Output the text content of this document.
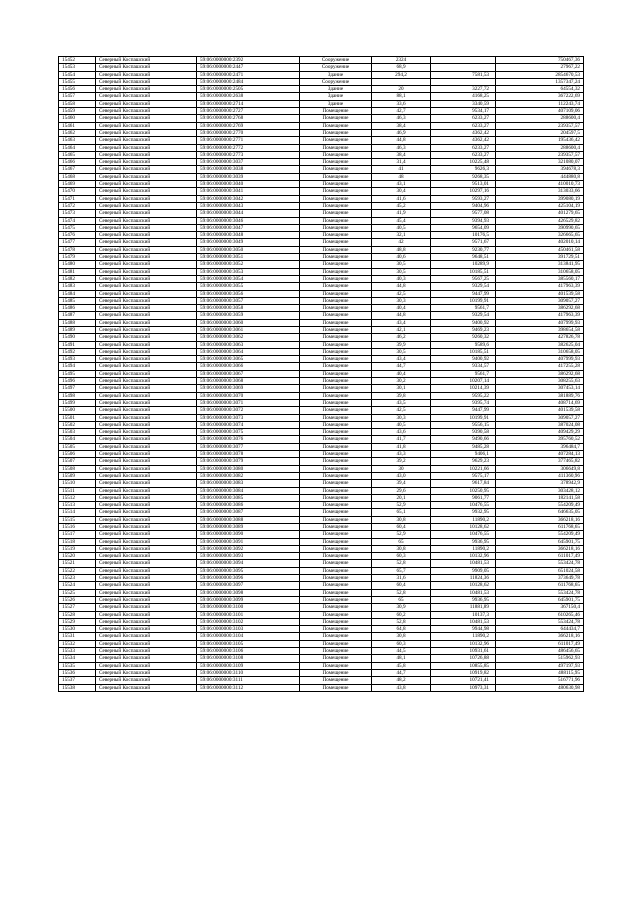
15452	Северный Коспашский	59:06:0000000:2392	Сооружение	2324		750467,36
15453	Северный Коспашский	59:06:0000000:2447	Сооружение	68,9		27967,22
15454	Северный Коспашский	59:06:0000000:2471	Здание	294,2	7581,53	2854670,53
15455	Северный Коспашский	59:06:0000000:2484	Сооружение			1357347,24
15456	Северный Коспашский	59:06:0000000:2505	Здание	20	3227,72	64554,32
15457	Северный Коспашский	59:06:0000000:2638	Здание	88,1	4168,25	367222,69
15458	Северный Коспашский	59:06:0000000:2714	Здание	33,6	3340,59	112243,74
15459	Северный Коспашский	59:06:0000000:2727	Помещение	42,7	9534,17	407109,06
15460	Северный Коспашский	59:06:0000000:2768	Помещение	46,3	6233,27	288600,4
15461	Северный Коспашский	59:06:0000000:2769	Помещение	38,4	6233,27	239357,57
15462	Северный Коспашский	59:06:0000000:2770	Помещение	46,9	4362,42	204597,5
15463	Северный Коспашский	59:06:0000000:2771	Помещение	44,8	4362,42	195436,42
15464	Северный Коспашский	59:06:0000000:2772	Помещение	46,3	6233,27	288600,4
15465	Северный Коспашский	59:06:0000000:2773	Помещение	38,4	6233,27	239357,57
15466	Северный Коспашский	59:06:0000000:3037	Помещение	31,4	10225,48	321080,07
15467	Северный Коспашский	59:06:0000000:3038	Помещение	41	9626,3	394678,3
15468	Северный Коспашский	59:06:0000000:3039	Помещение	48	9268,35	444880,8
15469	Северный Коспашский	59:06:0000000:3040	Помещение	43,1	9513,01	410010,73
15470	Северный Коспашский	59:06:0000000:3041	Помещение	30,4	10297,16	313033,66
15471	Северный Коспашский	59:06:0000000:3042	Помещение	41,6	9593,27	399080,19
15472	Северный Коспашский	59:06:0000000:3043	Помещение	45,2	9404,96	425104,19
15473	Северный Коспашский	59:06:0000000:3044	Помещение	41,9	9577,08	401279,65
15474	Северный Коспашский	59:06:0000000:3046	Помещение	45,4	9394,93	426529,82
15475	Северный Коспашский	59:06:0000000:3047	Помещение	40,5	9654,09	390990,65
15476	Северный Коспашский	59:06:0000000:3048	Помещение	32,1	10176,5	326665,65
15477	Северный Коспашский	59:06:0000000:3049	Помещение	42	9571,67	402010,14
15478	Северный Коспашский	59:06:0000000:3050	Помещение	48,8	9230,77	450461,58
15479	Северный Коспашский	59:06:0000000:3051	Помещение	40,6	9648,51	391729,51
15480	Северный Коспашский	59:06:0000000:3052	Помещение	30,5	10289,9	313841,95
15481	Северный Коспашский	59:06:0000000:3053	Помещение	30,5	10185,51	310658,05
15482	Северный Коспашский	59:06:0000000:3054	Помещение	40,3	9567,25	385560,17
15483	Северный Коспашский	59:06:0000000:3055	Помещение	44,8	9329,54	417963,39
15484	Северный Коспашский	59:06:0000000:3056	Помещение	42,5	9447,99	401539,58
15485	Северный Коспашский	59:06:0000000:3057	Помещение	30,3	10199,91	309057,27
15486	Северный Коспашский	59:06:0000000:3058	Помещение	40,4	9561,7	386292,68
15487	Северный Коспашский	59:06:0000000:3059	Помещение	44,8	9329,54	417963,39
15488	Северный Коспашский	59:06:0000000:3060	Помещение	43,4	9400,92	407999,93
15489	Северный Коспашский	59:06:0000000:3061	Помещение	42,1	9469,23	398654,58
15490	Северный Коспашский	59:06:0000000:3062	Помещение	46,2	9260,32	427826,78
15491	Северный Коспашский	59:06:0000000:3063	Помещение	39,9	9589,6	382625,04
15492	Северный Коспашский	59:06:0000000:3064	Помещение	30,5	10185,51	310658,05
15493	Северный Коспашский	59:06:0000000:3065	Помещение	43,4	9400,92	407999,93
15494	Северный Коспашский	59:06:0000000:3066	Помещение	44,7	9334,57	417255,28
15495	Северный Коспашский	59:06:0000000:3067	Помещение	40,4	9561,7	386292,68
15496	Северный Коспашский	59:06:0000000:3068	Помещение	30,2	10207,14	308255,63
15497	Северный Коспашский	59:06:0000000:3069	Помещение	30,1	10214,39	307453,14
15498	Северный Коспашский	59:06:0000000:3070	Помещение	39,8	9595,22	381889,76
15499	Северный Коспашский	59:06:0000000:3071	Помещение	43,5	9395,74	408714,69
15500	Северный Коспашский	59:06:0000000:3072	Помещение	42,5	9447,99	401539,58
15501	Северный Коспашский	59:06:0000000:3073	Помещение	30,3	10199,91	309057,27
15502	Северный Коспашский	59:06:0000000:3074	Помещение	40,5	9556,15	387024,08
15503	Северный Коспашский	59:06:0000000:3075	Помещение	43,6	9390,58	409429,29
15504	Северный Коспашский	59:06:0000000:3076	Помещение	41,7	9490,66	395760,52
15505	Северный Коспашский	59:06:0000000:3077	Помещение	41,8	9485,28	396484,7
15506	Северный Коспашский	59:06:0000000:3078	Помещение	43,3	9406,1	407284,13
15507	Северный Коспашский	59:06:0000000:3079	Помещение	39,2	9629,23	377465,82
15508	Северный Коспашский	59:06:0000000:3080	Помещение	30	10221,66	306649,8
15509	Северный Коспашский	59:06:0000000:3082	Помещение	43,0	9575,17	411360,96
15510	Северный Коспашский	59:06:0000000:3083	Помещение	39,4	9617,84	378942,9
15511	Северный Коспашский	59:06:0000000:3084	Помещение	29,6	10250,95	303428,12
15512	Северный Коспашский	59:06:0000000:3085	Помещение	20,1	9061,77	182141,58
15513	Северный Коспашский	59:06:0000000:3086	Помещение	52,9	10476,55	554209,49
15514	Северный Коспашский	59:06:0000000:3087	Помещение	65,1	9932,95	646635,05
15515	Северный Коспашский	59:06:0000000:3088	Помещение	30,8	11890,2	366218,16
15516	Северный Коспашский	59:06:0000000:3089	Помещение	60,4	10128,62	611768,65
15517	Северный Коспашский	59:06:0000000:3090	Помещение	52,9	10476,55	554209,49
15518	Северный Коспашский	59:06:0000000:3091	Помещение	65	9936,95	645901,75
15519	Северный Коспашский	59:06:0000000:3092	Помещение	30,8	11890,2	366218,16
15520	Северный Коспашский	59:06:0000000:3093	Помещение	60,3	10132,96	611017,49
15521	Северный Коспашский	59:06:0000000:3094	Помещение	52,8	10481,53	553424,78
15522	Северный Коспашский	59:06:0000000:3095	Помещение	65,7	9909,05	651024,58
15523	Северный Коспашский	59:06:0000000:3096	Помещение	31,6	11824,36	373649,78
15524	Северный Коспашский	59:06:0000000:3097	Помещение	60,4	10128,62	611768,65
15525	Северный Коспашский	59:06:0000000:3098	Помещение	52,8	10481,53	553424,78
15526	Северный Коспашский	59:06:0000000:3099	Помещение	65	9936,95	645901,75
15527	Северный Коспашский	59:06:0000000:3100	Помещение	30,9	11881,89	367150,4
15528	Северный Коспашский	59:06:0000000:3101	Помещение	60,2	10137,3	610265,46
15529	Северный Коспашский	59:06:0000000:3102	Помещение	52,8	10481,53	553424,78
15530	Северный Коспашский	59:06:0000000:3103	Помещение	64,8	9944,98	644434,7
15531	Северный Коспашский	59:06:0000000:3104	Помещение	30,8	11890,2	366218,16
15532	Северный Коспашский	59:06:0000000:3105	Помещение	60,3	10132,96	611017,49
15533	Северный Коспашский	59:06:0000000:3106	Помещение	44,5	10931,61	486456,65
15534	Северный Коспашский	59:06:0000000:3108	Помещение	48,1	10726,88	515962,93
15535	Северный Коспашский	59:06:0000000:3109	Помещение	45,8	10855,85	497197,93
15536	Северный Коспашский	59:06:0000000:3110	Помещение	44,7	10919,82	488115,95
15537	Северный Коспашский	59:06:0000000:3111	Помещение	48,2	10721,41	516771,96
15538	Северный Коспашский	59:06:0000000:3112	Помещение	43,8	10973,31	480630,98
